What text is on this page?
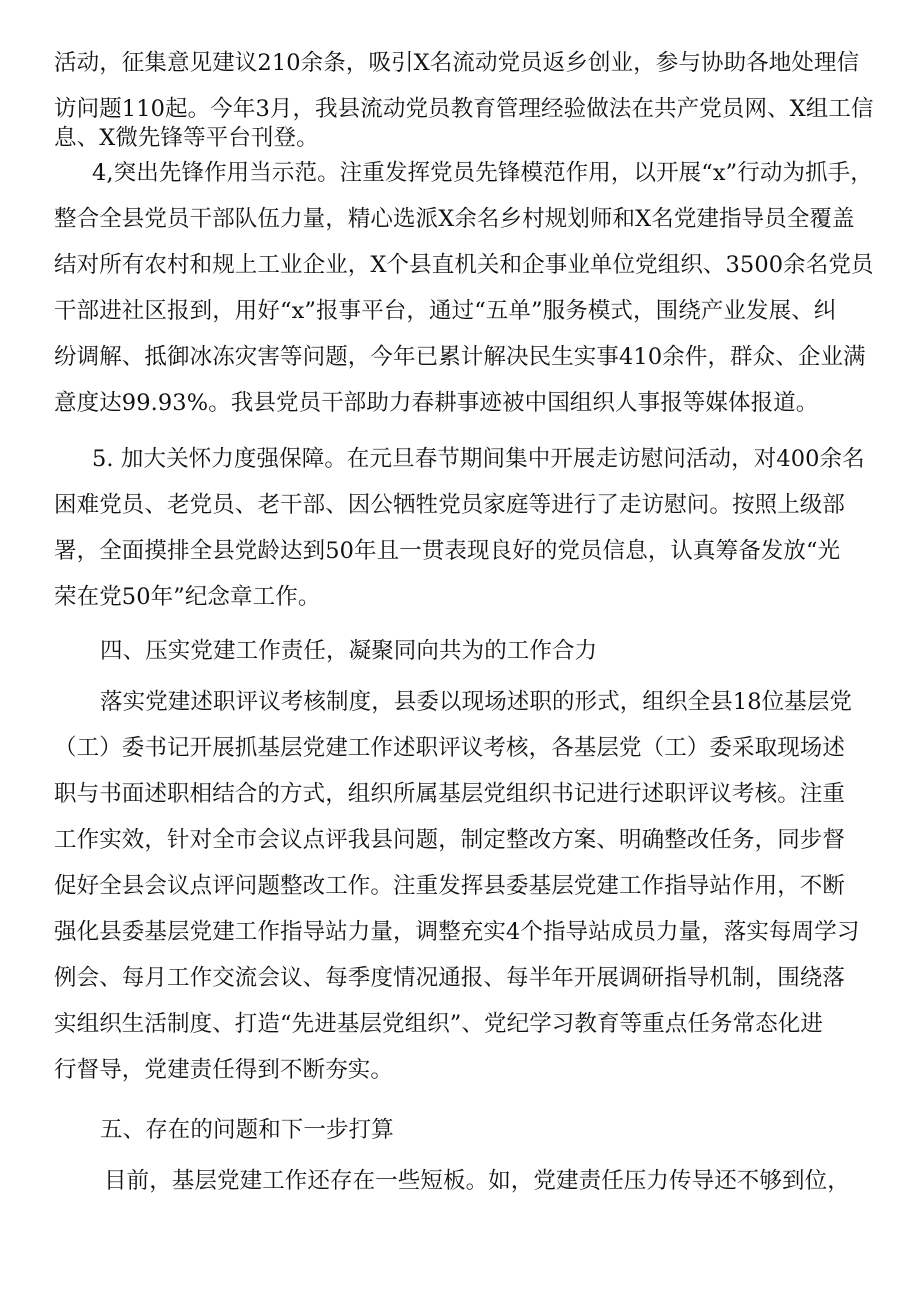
活动，征集意见建议210余条，吸引X名流动党员返乡创业，参与协助各地处理信
访问题110起。今年3月，我县流动党员教育管理经验做法在共产党员网、X组工信
息、X微先锋等平台刊登。
4,突出先锋作用当示范。注重发挥党员先锋模范作用，以开展“x”行动为抓手，
整合全县党员干部队伍力量，精心选派X余名乡村规划师和X名党建指导员全覆盖
结对所有农村和规上工业企业，X个县直机关和企事业单位党组织、3500余名党员
干部进社区报到，用好“x”报事平台，通过“五单”服务模式，围绕产业发展、纠
纷调解、抵御冰冻灾害等问题，今年已累计解决民生实事410余件，群众、企业满
意度达99.93%。我县党员干部助力春耕事迹被中国组织人事报等媒体报道。
5. 加大关怀力度强保障。在元旦春节期间集中开展走访慰问活动，对400余名
困难党员、老党员、老干部、因公牺牲党员家庭等进行了走访慰问。按照上级部
署，全面摸排全县党龄达到50年且一贯表现良好的党员信息，认真筹备发放“光
荣在党50年”纪念章工作。
四、压实党建工作责任，凝聚同向共为的工作合力
落实党建述职评议考核制度，县委以现场述职的形式，组织全县18位基层党
（工）委书记开展抓基层党建工作述职评议考核，各基层党（工）委采取现场述
职与书面述职相结合的方式，组织所属基层党组织书记进行述职评议考核。注重
工作实效，针对全市会议点评我县问题，制定整改方案、明确整改任务，同步督
促好全县会议点评问题整改工作。注重发挥县委基层党建工作指导站作用，不断
强化县委基层党建工作指导站力量，调整充实4个指导站成员力量，落实每周学习
例会、每月工作交流会议、每季度情况通报、每半年开展调研指导机制，围绕落
实组织生活制度、打造“先进基层党组织”、党纪学习教育等重点任务常态化进
行督导，党建责任得到不断夯实。
五、存在的问题和下一步打算
目前，基层党建工作还存在一些短板。如，党建责任压力传导还不够到位，
